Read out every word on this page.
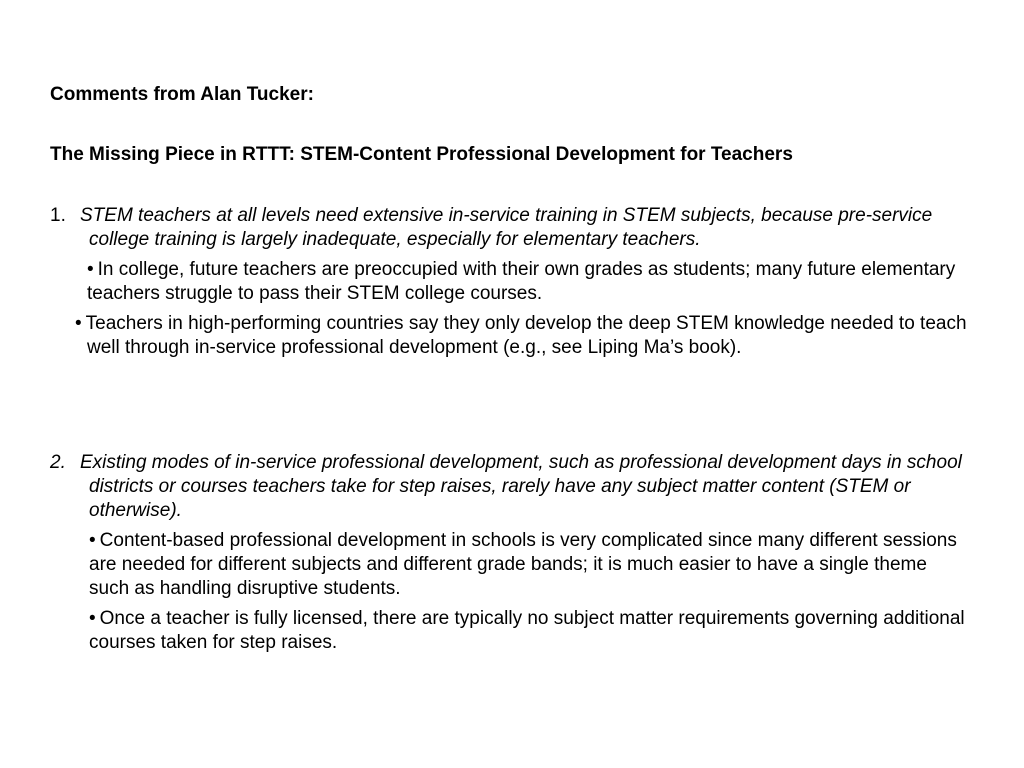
Comments from Alan Tucker:
The Missing Piece in RTTT: STEM-Content Professional Development for Teachers
1. STEM teachers at all levels need extensive in-service training in STEM subjects, because pre-service college training is largely inadequate, especially for elementary teachers.
• In college, future teachers are preoccupied with their own grades as students; many future elementary teachers struggle to pass their STEM college courses.
• Teachers in high-performing countries say they only develop the deep STEM knowledge needed to teach well through in-service professional development (e.g., see Liping Ma’s book).
2. Existing modes of in-service professional development, such as professional development days in school districts or courses teachers take for step raises, rarely have any subject matter content (STEM or otherwise).
• Content-based professional development in schools is very complicated since many different sessions are needed for different subjects and different grade bands; it is much easier to have a single theme such as handling disruptive students.
• Once a teacher is fully licensed, there are typically no subject matter requirements governing additional courses taken for step raises.
